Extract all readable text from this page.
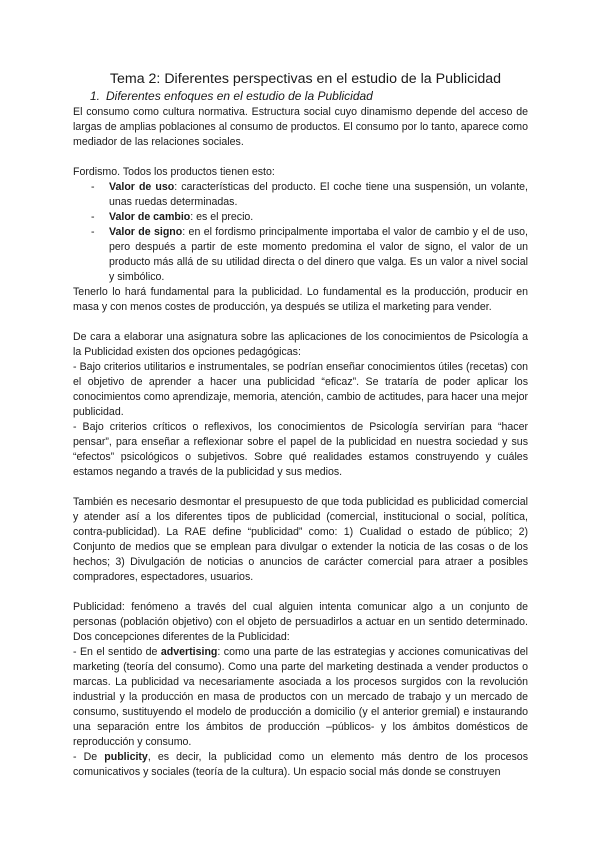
Tema 2: Diferentes perspectivas en el estudio de la Publicidad
1. Diferentes enfoques en el estudio de la Publicidad

El consumo como cultura normativa. Estructura social cuyo dinamismo depende del acceso de largas de amplias poblaciones al consumo de productos. El consumo por lo tanto, aparece como mediador de las relaciones sociales.

Fordismo. Todos los productos tienen esto:

- Valor de uso: características del producto. El coche tiene una suspensión, un volante, unas ruedas determinadas.
- Valor de cambio: es el precio.
- Valor de signo: en el fordismo principalmente importaba el valor de cambio y el de uso, pero después a partir de este momento predomina el valor de signo, el valor de un producto más allá de su utilidad directa o del dinero que valga. Es un valor a nivel social y simbólico.

Tenerlo lo hará fundamental para la publicidad. Lo fundamental es la producción, producir en masa y con menos costes de producción, ya después se utiliza el marketing para vender.

De cara a elaborar una asignatura sobre las aplicaciones de los conocimientos de Psicología a la Publicidad existen dos opciones pedagógicas:

- Bajo criterios utilitarios e instrumentales, se podrían enseñar conocimientos útiles (recetas) con el objetivo de aprender a hacer una publicidad “eficaz”. Se trataría de poder aplicar los conocimientos como aprendizaje, memoria, atención, cambio de actitudes, para hacer una mejor publicidad.

- Bajo criterios críticos o reflexivos, los conocimientos de Psicología servirían para “hacer pensar”, para enseñar a reflexionar sobre el papel de la publicidad en nuestra sociedad y sus “efectos” psicológicos o subjetivos. Sobre qué realidades estamos construyendo y cuáles estamos negando a través de la publicidad y sus medios.

También es necesario desmontar el presupuesto de que toda publicidad es publicidad comercial y atender así a los diferentes tipos de publicidad (comercial, institucional o social, política, contra-publicidad). La RAE define “publicidad” como: 1) Cualidad o estado de público; 2) Conjunto de medios que se emplean para divulgar o extender la noticia de las cosas o de los hechos; 3) Divulgación de noticias o anuncios de carácter comercial para atraer a posibles compradores, espectadores, usuarios.

Publicidad: fenómeno a través del cual alguien intenta comunicar algo a un conjunto de personas (población objetivo) con el objeto de persuadirlos a actuar en un sentido determinado. Dos concepciones diferentes de la Publicidad:

- En el sentido de advertising: como una parte de las estrategias y acciones comunicativas del marketing (teoría del consumo). Como una parte del marketing destinada a vender productos o marcas. La publicidad va necesariamente asociada a los procesos surgidos con la revolución industrial y la producción en masa de productos con un mercado de trabajo y un mercado de consumo, sustituyendo el modelo de producción a domicilio (y el anterior gremial) e instaurando una separación entre los ámbitos de producción –públicos- y los ámbitos domésticos de reproducción y consumo.

- De publicity, es decir, la publicidad como un elemento más dentro de los procesos comunicativos y sociales (teoría de la cultura). Un espacio social más donde se construyen
